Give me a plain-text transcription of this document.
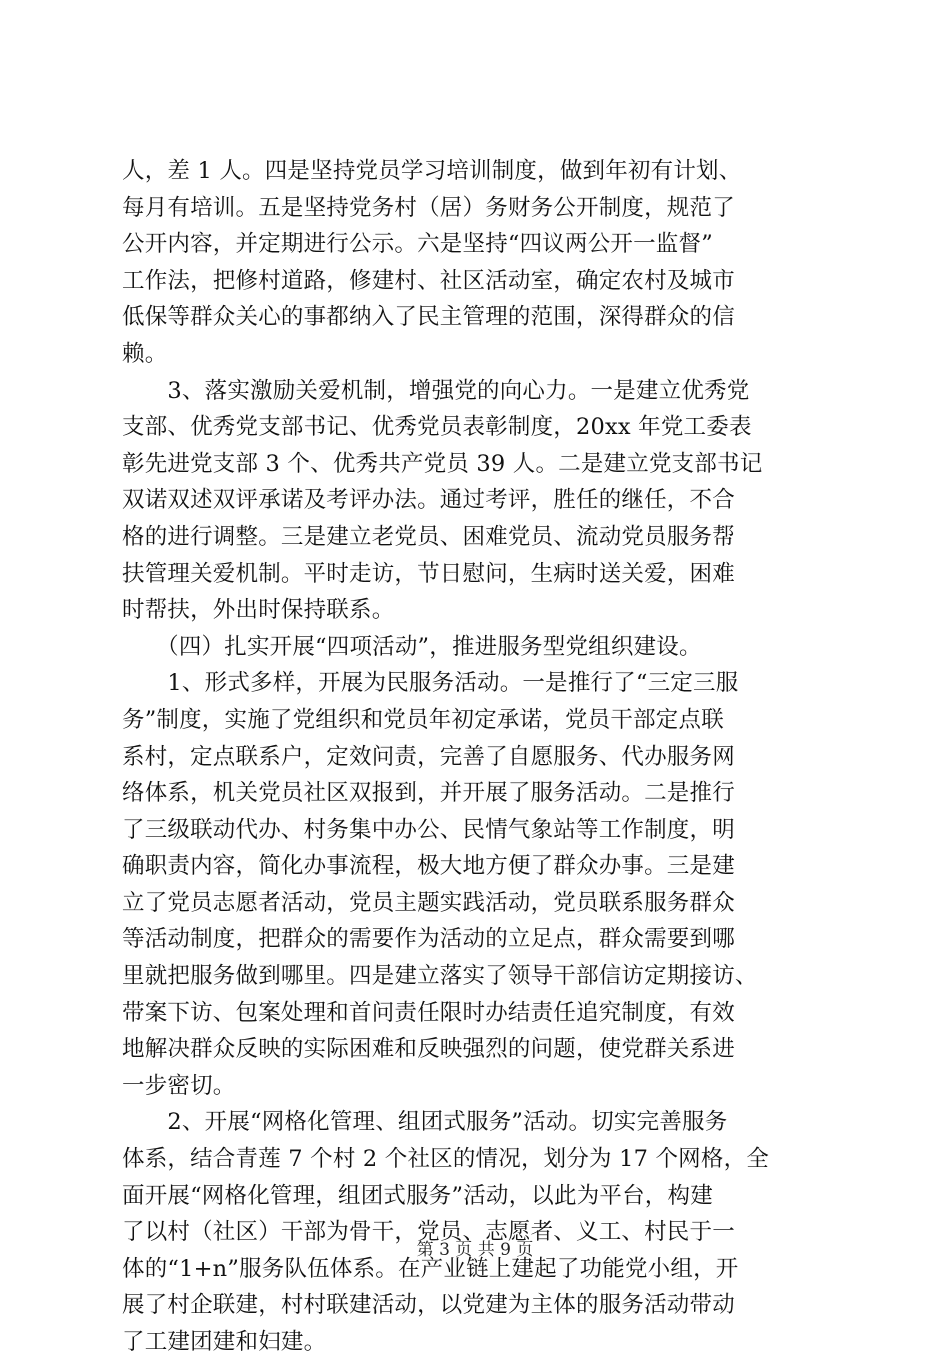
人，差 1 人。四是坚持党员学习培训制度，做到年初有计划、
每月有培训。五是坚持党务村（居）务财务公开制度，规范了
公开内容，并定期进行公示。六是坚持“四议两公开一监督”
工作法，把修村道路，修建村、社区活动室，确定农村及城市
低保等群众关心的事都纳入了民主管理的范围，深得群众的信
赖。
　　3、落实激励关爱机制，增强党的向心力。一是建立优秀党
支部、优秀党支部书记、优秀党员表彰制度，20xx 年党工委表
彰先进党支部 3 个、优秀共产党员 39 人。二是建立党支部书记
双诺双述双评承诺及考评办法。通过考评，胜任的继任，不合
格的进行调整。三是建立老党员、困难党员、流动党员服务帮
扶管理关爱机制。平时走访，节日慰问，生病时送关爱，困难
时帮扶，外出时保持联系。
　　（四）扎实开展“四项活动”，推进服务型党组织建设。
　　1、形式多样，开展为民服务活动。一是推行了“三定三服
务”制度，实施了党组织和党员年初定承诺，党员干部定点联
系村，定点联系户，定效问责，完善了自愿服务、代办服务网
络体系，机关党员社区双报到，并开展了服务活动。二是推行
了三级联动代办、村务集中办公、民情气象站等工作制度，明
确职责内容，简化办事流程，极大地方便了群众办事。三是建
立了党员志愿者活动，党员主题实践活动，党员联系服务群众
等活动制度，把群众的需要作为活动的立足点，群众需要到哪
里就把服务做到哪里。四是建立落实了领导干部信访定期接访、
带案下访、包案处理和首问责任限时办结责任追究制度，有效
地解决群众反映的实际困难和反映强烈的问题，使党群关系进
一步密切。
　　2、开展“网格化管理、组团式服务”活动。切实完善服务
体系，结合青莲 7 个村 2 个社区的情况，划分为 17 个网格，全
面开展“网格化管理，组团式服务”活动，以此为平台，构建
了以村（社区）干部为骨干，党员、志愿者、义工、村民于一
体的“1+n”服务队伍体系。在产业链上建起了功能党小组，开
展了村企联建，村村联建活动，以党建为主体的服务活动带动
了工建团建和妇建。
第 3 页 共 9 页
